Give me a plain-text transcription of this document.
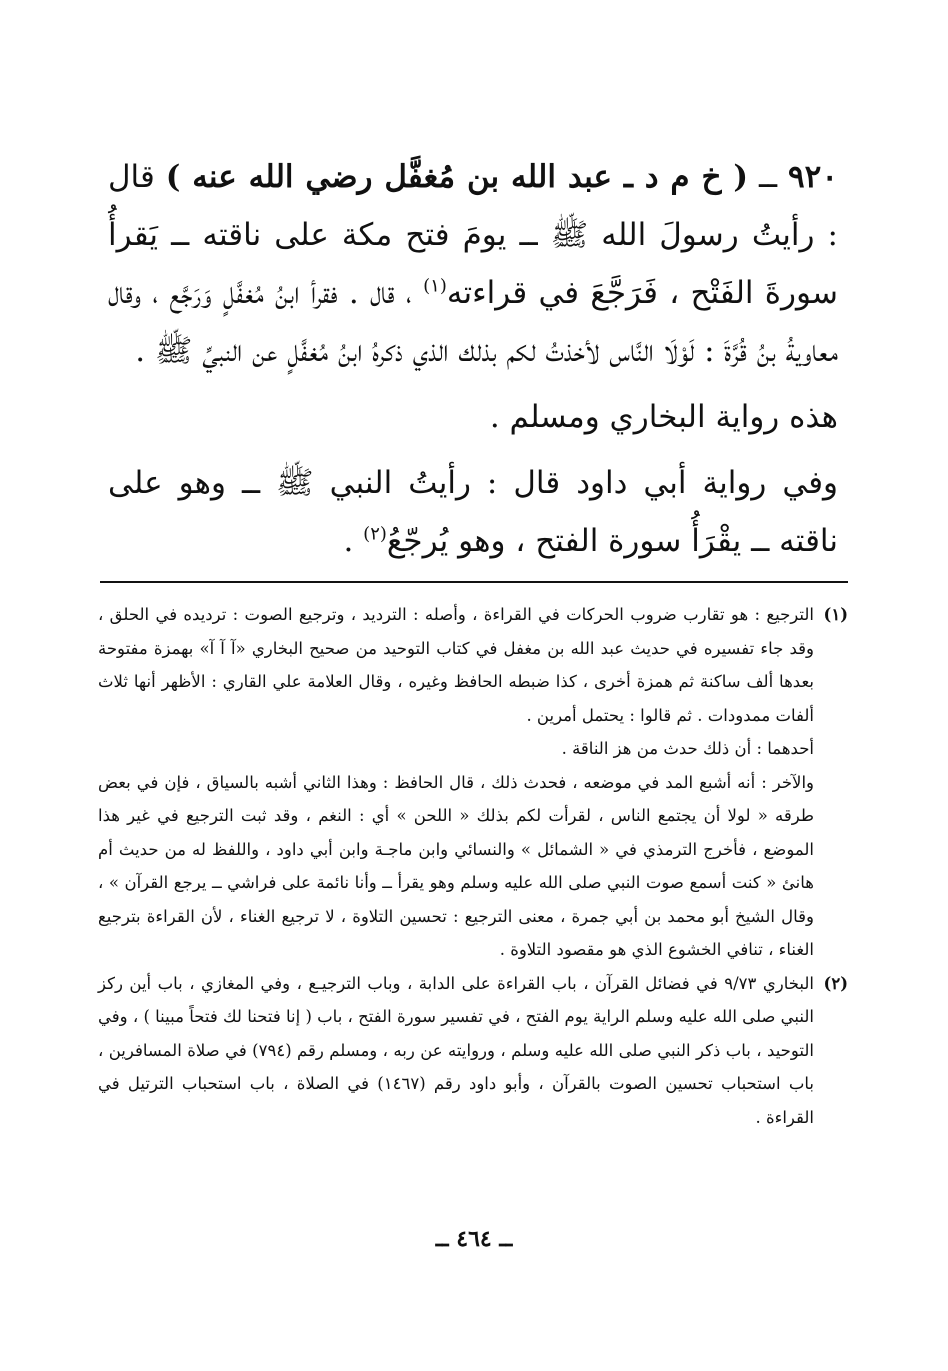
٩٢٠ ــ ( خ م د ـ عبد الله بن مُغفَّل رضي الله عنه ) قال : رأيتُ رسولَ الله ﷺ ــ يومَ فتح مكة على ناقته ــ يَقرأُ سورةَ الفَتْح ، فَرَجَّعَ في قراءته$^{(١)}$ ، قال . فقرأ ابنُ مُغفَّلٍ وَرَجَّع ، وقال معاويةُ بنُ قُرَّةَ : لَوْلَا النَّاس لأخذتُ لكم بذلك الذي ذكرهُ ابنُ مُغفَّلٍ عن النبيِّ ﷺ .

هذه رواية البخاري ومسلم .

وفي رواية أبي داود قال : رأيتُ النبي ﷺ ــ وهو على ناقته ــ يقْرَأُ سورة الفتح ، وهو يُرجّعُ$^{(٢)}$ .

(١)

الترجيع : هو تقارب ضروب الحركات في القراءة ، وأصله : الترديد ، وترجيع الصوت : ترديده في الحلق ، وقد جاء تفسيره في حديث عبد الله بن مغفل في كتاب التوحيد من صحيح البخاري «آ آ آ» بهمزة مفتوحة بعدها ألف ساكنة ثم همزة أخرى ، كذا ضبطه الحافظ وغيره ، وقال العلامة علي القاري : الأظهر أنها ثلاث ألفات ممدودات . ثم قالوا : يحتمل أمرين .

أحدهما : أن ذلك حدث من هز الناقة .

والآخر : أنه أشبع المد في موضعه ، فحدث ذلك ، قال الحافظ : وهذا الثاني أشبه بالسياق ، فإن في بعض طرقه « لولا أن يجتمع الناس ، لقرأت لكم بذلك « اللحن » أي : النغم ، وقد ثبت الترجيع في غير هذا الموضع ، فأخرج الترمذي في « الشمائل » والنسائي وابن ماجـة وابن أبي داود ، واللفظ له من حديث أم هانئ « كنت أسمع صوت النبي صلى الله عليه وسلم وهو يقرأ ــ وأنا نائمة على فراشي ــ يرجع القرآن » ، وقال الشيخ أبو محمد بن أبي جمرة ، معنى الترجيع : تحسين التلاوة ، لا ترجيع الغناء ، لأن القراءة بترجيع الغناء ، تنافي الخشوع الذي هو مقصود التلاوة .

(٢)

البخاري ٩/٧٣ في فضائل القرآن ، باب القراءة على الدابة ، وباب الترجيـع ، وفي المغازي ، باب أين ركز النبي صلى الله عليه وسلم الراية يوم الفتح ، في تفسير سورة الفتح ، باب ( إنا فتحنا لك فتحاً مبينا ) ، وفي التوحيد ، باب ذكر النبي صلى الله عليه وسلم ، وروايته عن ربه ، ومسلم رقم (٧٩٤) في صلاة المسافرين ، باب استحباب تحسين الصوت بالقرآن ، وأبو داود رقم (١٤٦٧) في الصلاة ، باب استحباب الترتيل في القراءة .

ــ ٤٦٤ ــ
